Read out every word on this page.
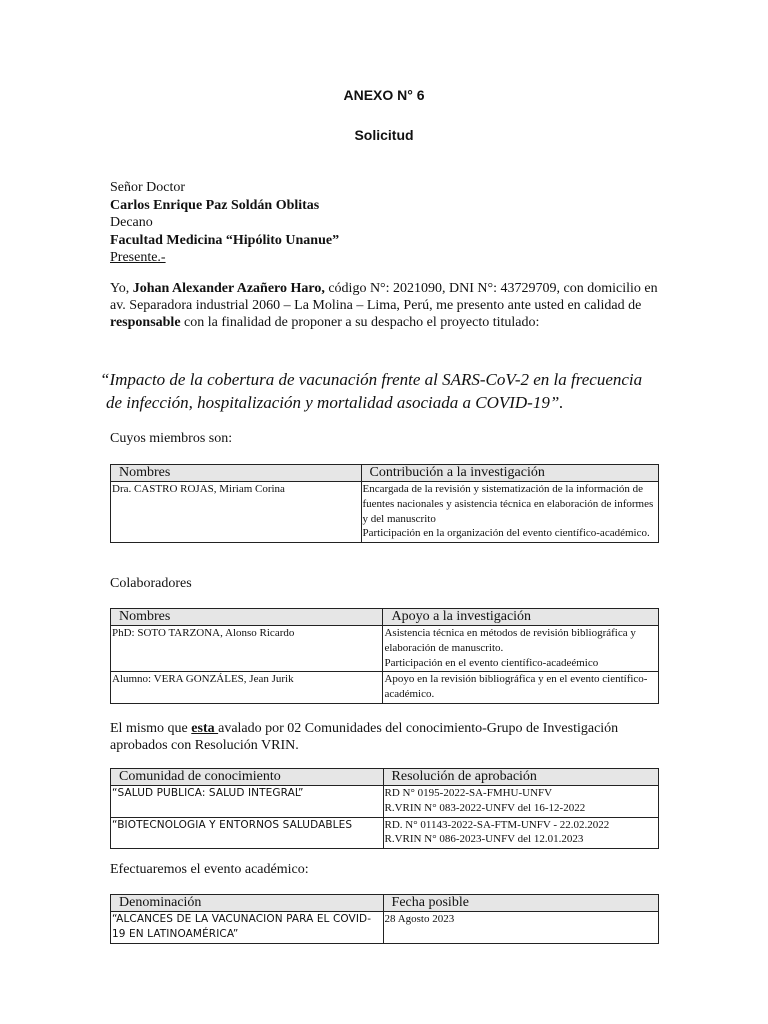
ANEXO N° 6
Solicitud
Señor Doctor
Carlos Enrique Paz Soldán Oblitas
Decano
Facultad Medicina “Hipólito Unanue”
Presente.-
Yo, Johan Alexander Azañero Haro, código N°: 2021090, DNI N°: 43729709, con domicilio en av. Separadora industrial 2060 – La Molina – Lima, Perú, me presento ante usted en calidad de responsable con la finalidad de proponer a su despacho el proyecto titulado:
“Impacto de la cobertura de vacunación frente al SARS-CoV-2 en la frecuencia
de infección, hospitalización y mortalidad asociada a COVID-19”.
Cuyos miembros son:
Nombres	Contribución a la investigación
Dra. CASTRO ROJAS, Miriam Corina	Encargada de la revisión y sistematización de la información de fuentes nacionales y asistencia técnica en elaboración de informes y del manuscrito
Participación en la organización del evento científico-académico.
Colaboradores
Nombres	Apoyo a la investigación
PhD: SOTO TARZONA, Alonso Ricardo	Asistencia técnica en métodos de revisión bibliográfica y elaboración de manuscrito.
Participación en el evento científico-acadeémico
Alumno: VERA GONZÁLES, Jean Jurik	Apoyo en la revisión bibliográfica y en el evento científico-académico.
El mismo que esta avalado por 02 Comunidades del conocimiento-Grupo de Investigación aprobados con Resolución VRIN.
Comunidad de conocimiento	Resolución de aprobación
“SALUD PUBLICA: SALUD INTEGRAL”	RD N° 0195-2022-SA-FMHU-UNFV
R.VRIN N° 083-2022-UNFV del 16-12-2022
“BIOTECNOLOGIA Y ENTORNOS SALUDABLES	RD. N° 01143-2022-SA-FTM-UNFV - 22.02.2022
R.VRIN N° 086-2023-UNFV del 12.01.2023
Efectuaremos el evento académico:
Denominación	Fecha posible
“ALCANCES DE LA VACUNACION PARA EL COVID-19 EN LATINOAMÉRICA”	28 Agosto 2023
